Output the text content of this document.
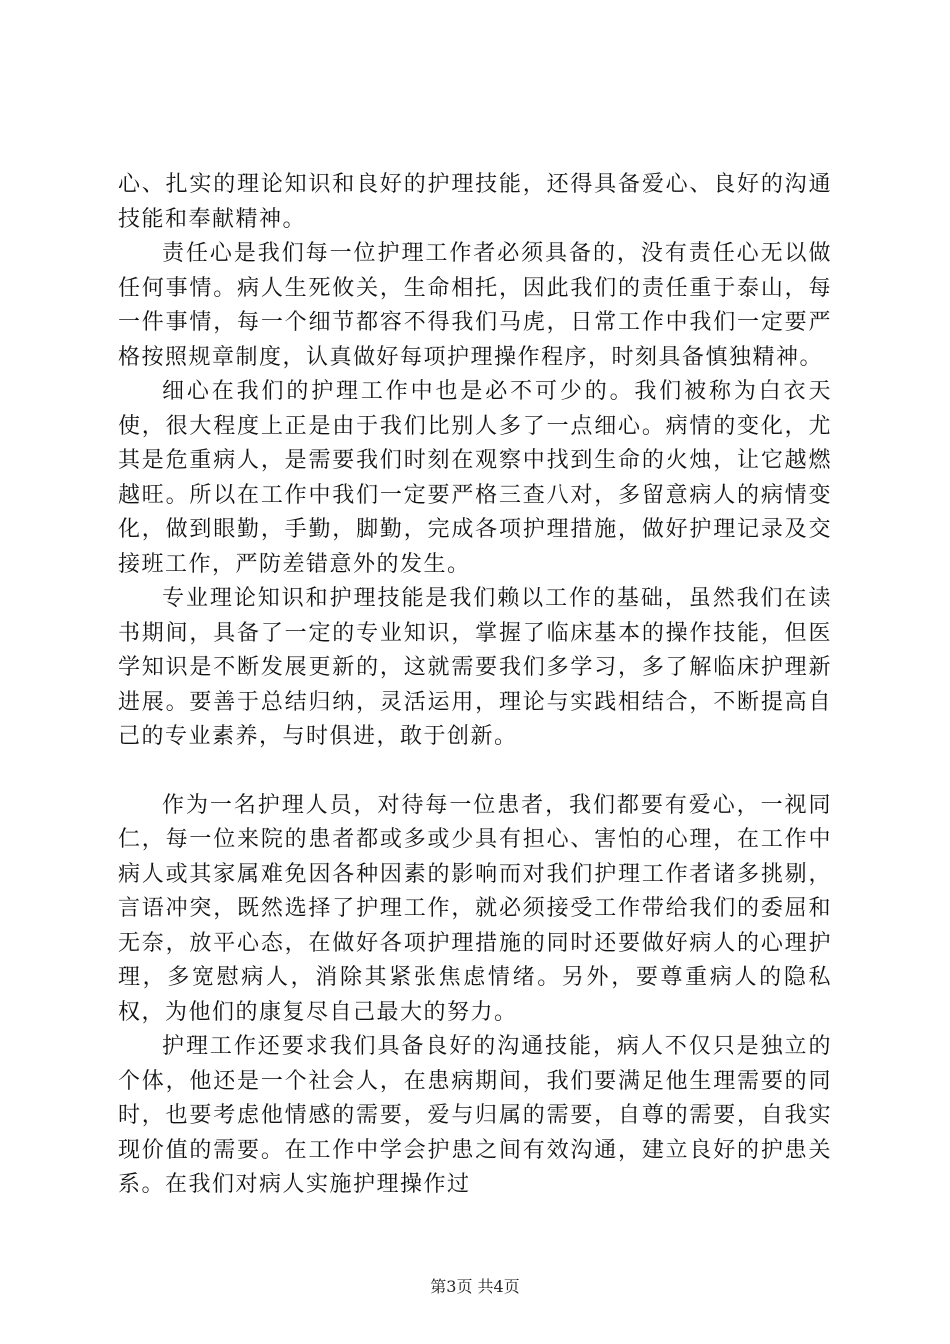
心、扎实的理论知识和良好的护理技能，还得具备爱心、良好的沟通技能和奉献精神。

责任心是我们每一位护理工作者必须具备的，没有责任心无以做任何事情。病人生死攸关，生命相托，因此我们的责任重于泰山，每一件事情，每一个细节都容不得我们马虎，日常工作中我们一定要严格按照规章制度，认真做好每项护理操作程序，时刻具备慎独精神。

细心在我们的护理工作中也是必不可少的。我们被称为白衣天使，很大程度上正是由于我们比别人多了一点细心。病情的变化，尤其是危重病人，是需要我们时刻在观察中找到生命的火烛，让它越燃越旺。所以在工作中我们一定要严格三查八对，多留意病人的病情变化，做到眼勤，手勤，脚勤，完成各项护理措施，做好护理记录及交接班工作，严防差错意外的发生。

专业理论知识和护理技能是我们赖以工作的基础，虽然我们在读书期间，具备了一定的专业知识，掌握了临床基本的操作技能，但医学知识是不断发展更新的，这就需要我们多学习，多了解临床护理新进展。要善于总结归纳，灵活运用，理论与实践相结合，不断提高自己的专业素养，与时俱进，敢于创新。

作为一名护理人员，对待每一位患者，我们都要有爱心，一视同仁，每一位来院的患者都或多或少具有担心、害怕的心理，在工作中病人或其家属难免因各种因素的影响而对我们护理工作者诸多挑剔，言语冲突，既然选择了护理工作，就必须接受工作带给我们的委屈和无奈，放平心态，在做好各项护理措施的同时还要做好病人的心理护理，多宽慰病人，消除其紧张焦虑情绪。另外，要尊重病人的隐私权，为他们的康复尽自己最大的努力。

护理工作还要求我们具备良好的沟通技能，病人不仅只是独立的个体，他还是一个社会人，在患病期间，我们要满足他生理需要的同时，也要考虑他情感的需要，爱与归属的需要，自尊的需要，自我实现价值的需要。在工作中学会护患之间有效沟通，建立良好的护患关系。在我们对病人实施护理操作过

第3页 共4页
